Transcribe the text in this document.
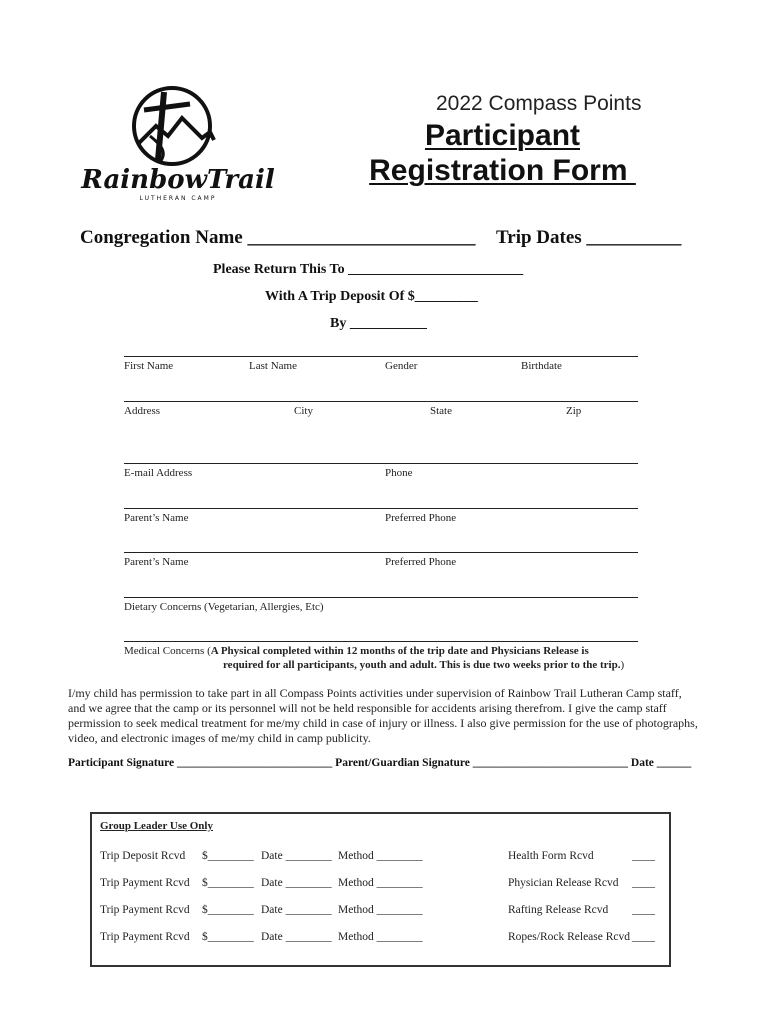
RainbowTrail
LUTHERAN CAMP
2022 Compass Points
Participant
Registration Form
Congregation Name ________________________ Trip Dates __________
Please Return This To _________________________
With A Trip Deposit Of $_________
By ___________
First Name	Last Name	Gender	Birthdate
Address	City	State	Zip
E-mail Address	Phone
Parent’s Name	Preferred Phone
Parent’s Name	Preferred Phone
Dietary Concerns (Vegetarian, Allergies, Etc)
Medical Concerns (A Physical completed within 12 months of the trip date and Physicians Release is
required for all participants, youth and adult. This is due two weeks prior to the trip.)
I/my child has permission to take part in all Compass Points activities under supervision of Rainbow Trail Lutheran Camp staff, and we agree that the camp or its personnel will not be held responsible for accidents arising therefrom. I give the camp staff permission to seek medical treatment for me/my child in case of injury or illness. I also give permission for the use of photographs, video, and electronic images of me/my child in camp publicity.
Participant Signature ___________________________ Parent/Guardian Signature ___________________________ Date ______
Group Leader Use Only
Trip Deposit Rcvd $________ Date ________ Method ________	Health Form Rcvd	____
Trip Payment Rcvd $________ Date ________ Method ________	Physician Release Rcvd ____
Trip Payment Rcvd $________ Date ________ Method ________	Rafting Release Rcvd ____
Trip Payment Rcvd $________ Date ________ Method ________	Ropes/Rock Release Rcvd ____
